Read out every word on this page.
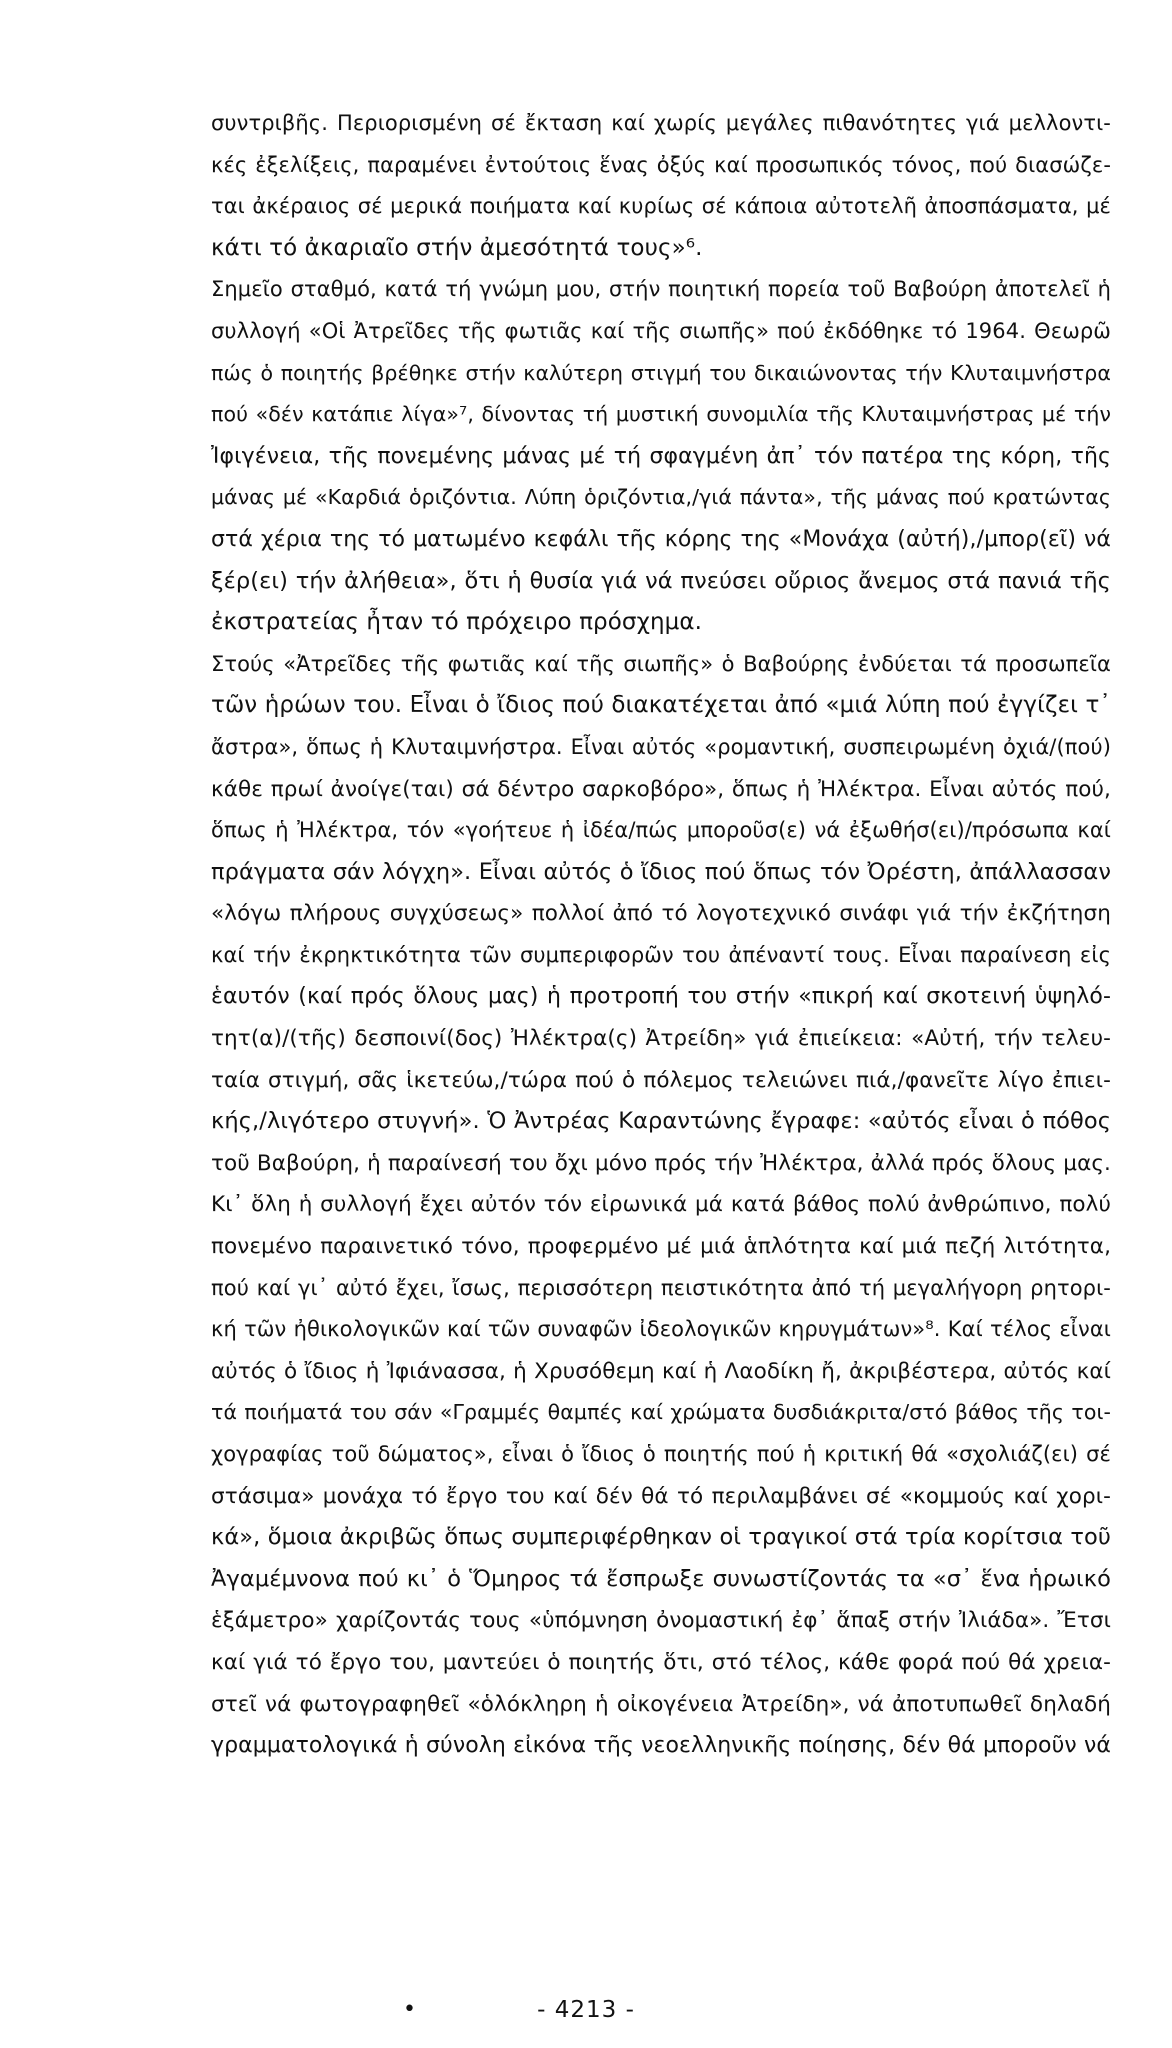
συντριβῆς. Περιορισμένη σέ ἔκταση καί χωρίς μεγάλες πιθανότητες γιά μελλοντι-
κές ἐξελίξεις, παραμένει ἐντούτοις ἕνας ὀξύς καί προσωπικός τόνος, πού διασώζε-
ται ἀκέραιος σέ μερικά ποιήματα καί κυρίως σέ κάποια αὐτοτελῆ ἀποσπάσματα, μέ
κάτι τό ἀκαριαῖο στήν ἀμεσότητά τους»⁶.
Σημεῖο σταθμό, κατά τή γνώμη μου, στήν ποιητική πορεία τοῦ Βαβούρη ἀποτελεῖ ἡ
συλλογή «Οἱ Ἀτρεῖδες τῆς φωτιᾶς καί τῆς σιωπῆς» πού ἐκδόθηκε τό 1964. Θεωρῶ
πώς ὁ ποιητής βρέθηκε στήν καλύτερη στιγμή του δικαιώνοντας τήν Κλυταιμνήστρα
πού «δέν κατάπιε λίγα»⁷, δίνοντας τή μυστική συνομιλία τῆς Κλυταιμνήστρας μέ τήν
Ἰφιγένεια, τῆς πονεμένης μάνας μέ τή σφαγμένη ἀπ᾽ τόν πατέρα της κόρη, τῆς
μάνας μέ «Καρδιά ὁριζόντια. Λύπη ὁριζόντια,/γιά πάντα», τῆς μάνας πού κρατώντας
στά χέρια της τό ματωμένο κεφάλι τῆς κόρης της «Μονάχα (αὐτή),/μπορ(εῖ) νά
ξέρ(ει) τήν ἀλήθεια», ὅτι ἡ θυσία γιά νά πνεύσει οὔριος ἄνεμος στά πανιά τῆς
ἐκστρατείας ἦταν τό πρόχειρο πρόσχημα.
Στούς «Ἀτρεῖδες τῆς φωτιᾶς καί τῆς σιωπῆς» ὁ Βαβούρης ἐνδύεται τά προσωπεῖα
τῶν ἡρώων του. Εἶναι ὁ ἴδιος πού διακατέχεται ἀπό «μιά λύπη πού ἐγγίζει τ᾽
ἄστρα», ὅπως ἡ Κλυταιμνήστρα. Εἶναι αὐτός «ρομαντική, συσπειρωμένη ὀχιά/(πού)
κάθε πρωί ἀνοίγε(ται) σά δέντρο σαρκοβόρο», ὅπως ἡ Ἠλέκτρα. Εἶναι αὐτός πού,
ὅπως ἡ Ἠλέκτρα, τόν «γοήτευε ἡ ἰδέα/πώς μποροῦσ(ε) νά ἐξωθήσ(ει)/πρόσωπα καί
πράγματα σάν λόγχη». Εἶναι αὐτός ὁ ἴδιος πού ὅπως τόν Ὀρέστη, ἀπάλλασσαν
«λόγω πλήρους συγχύσεως» πολλοί ἀπό τό λογοτεχνικό σινάφι γιά τήν ἐκζήτηση
καί τήν ἐκρηκτικότητα τῶν συμπεριφορῶν του ἀπέναντί τους. Εἶναι παραίνεση εἰς
ἑαυτόν (καί πρός ὅλους μας) ἡ προτροπή του στήν «πικρή καί σκοτεινή ὑψηλό-
τητ(α)/(τῆς) δεσποινί(δος) Ἠλέκτρα(ς) Ἀτρείδη» γιά ἐπιείκεια: «Αὐτή, τήν τελευ-
ταία στιγμή, σᾶς ἱκετεύω,/τώρα πού ὁ πόλεμος τελειώνει πιά,/φανεῖτε λίγο ἐπιει-
κής,/λιγότερο στυγνή». Ὁ Ἀντρέας Καραντώνης ἔγραφε: «αὐτός εἶναι ὁ πόθος
τοῦ Βαβούρη, ἡ παραίνεσή του ὄχι μόνο πρός τήν Ἠλέκτρα, ἀλλά πρός ὅλους μας.
Κι᾽ ὅλη ἡ συλλογή ἔχει αὐτόν τόν εἰρωνικά μά κατά βάθος πολύ ἀνθρώπινο, πολύ
πονεμένο παραινετικό τόνο, προφερμένο μέ μιά ἁπλότητα καί μιά πεζή λιτότητα,
πού καί γι᾽ αὐτό ἔχει, ἴσως, περισσότερη πειστικότητα ἀπό τή μεγαλήγορη ρητορι-
κή τῶν ἠθικολογικῶν καί τῶν συναφῶν ἰδεολογικῶν κηρυγμάτων»⁸. Καί τέλος εἶναι
αὐτός ὁ ἴδιος ἡ Ἰφιάνασσα, ἡ Χρυσόθεμη καί ἡ Λαοδίκη ἤ, ἀκριβέστερα, αὐτός καί
τά ποιήματά του σάν «Γραμμές θαμπές καί χρώματα δυσδιάκριτα/στό βάθος τῆς τοι-
χογραφίας τοῦ δώματος», εἶναι ὁ ἴδιος ὁ ποιητής πού ἡ κριτική θά «σχολιάζ(ει) σέ
στάσιμα» μονάχα τό ἔργο του καί δέν θά τό περιλαμβάνει σέ «κομμούς καί χορι-
κά», ὅμοια ἀκριβῶς ὅπως συμπεριφέρθηκαν οἱ τραγικοί στά τρία κορίτσια τοῦ
Ἀγαμέμνονα πού κι᾽ ὁ Ὅμηρος τά ἔσπρωξε συνωστίζοντάς τα «σ᾽ ἕνα ἡρωικό
ἑξάμετρο» χαρίζοντάς τους «ὑπόμνηση ὀνομαστική ἐφ᾽ ἅπαξ στήν Ἰλιάδα». Ἔτσι
καί γιά τό ἔργο του, μαντεύει ὁ ποιητής ὅτι, στό τέλος, κάθε φορά πού θά χρεια-
στεῖ νά φωτογραφηθεῖ «ὁλόκληρη ἡ οἰκογένεια Ἀτρείδη», νά ἀποτυπωθεῖ δηλαδή
γραμματολογικά ἡ σύνολη εἰκόνα τῆς νεοελληνικῆς ποίησης, δέν θά μποροῦν νά
•	- 4213 -
